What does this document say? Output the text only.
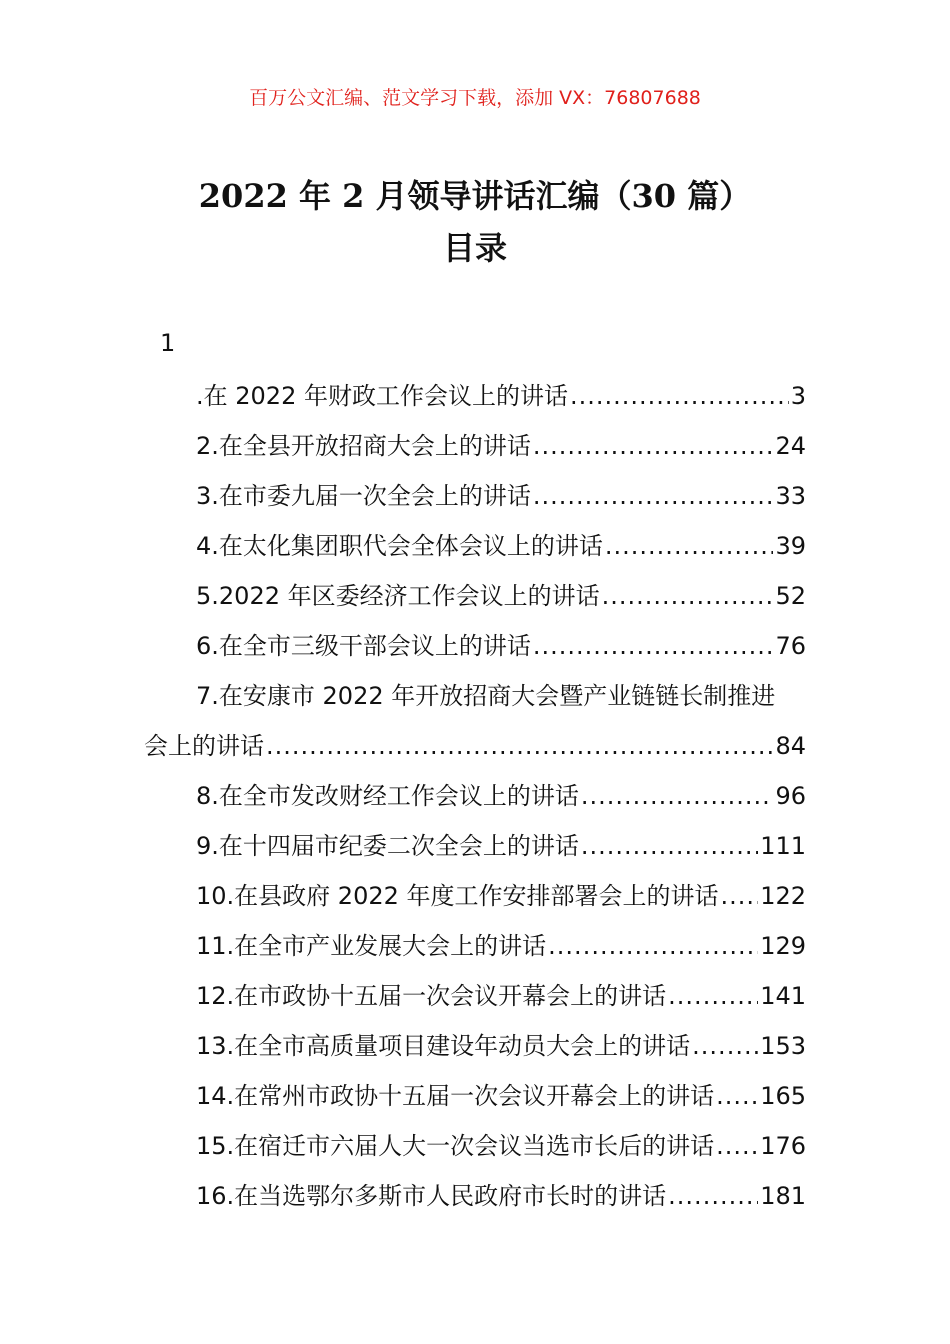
百万公文汇编、范文学习下载，添加 VX：76807688
2022 年 2 月领导讲话汇编（30 篇）
目录
1
.在 2022 年财政工作会议上的讲话 .....	3
2.在全县开放招商大会上的讲话 .....	24
3.在市委九届一次全会上的讲话 .....	33
4.在太化集团职代会全体会议上的讲话 .....	39
5.2022 年区委经济工作会议上的讲话 .....	52
6.在全市三级干部会议上的讲话 .....	76
7.在安康市 2022 年开放招商大会暨产业链链长制推进
会上的讲话 .....	84
8.在全市发改财经工作会议上的讲话 .....	96
9.在十四届市纪委二次全会上的讲话 .....	111
10.在县政府 2022 年度工作安排部署会上的讲话 ..... 122
11.在全市产业发展大会上的讲话 .....	129
12.在市政协十五届一次会议开幕会上的讲话 .....	141
13.在全市高质量项目建设年动员大会上的讲话 .....	153
14.在常州市政协十五届一次会议开幕会上的讲话 ..... 165
15.在宿迁市六届人大一次会议当选市长后的讲话 ..... 176
16.在当选鄂尔多斯市人民政府市长时的讲话 .....	181
